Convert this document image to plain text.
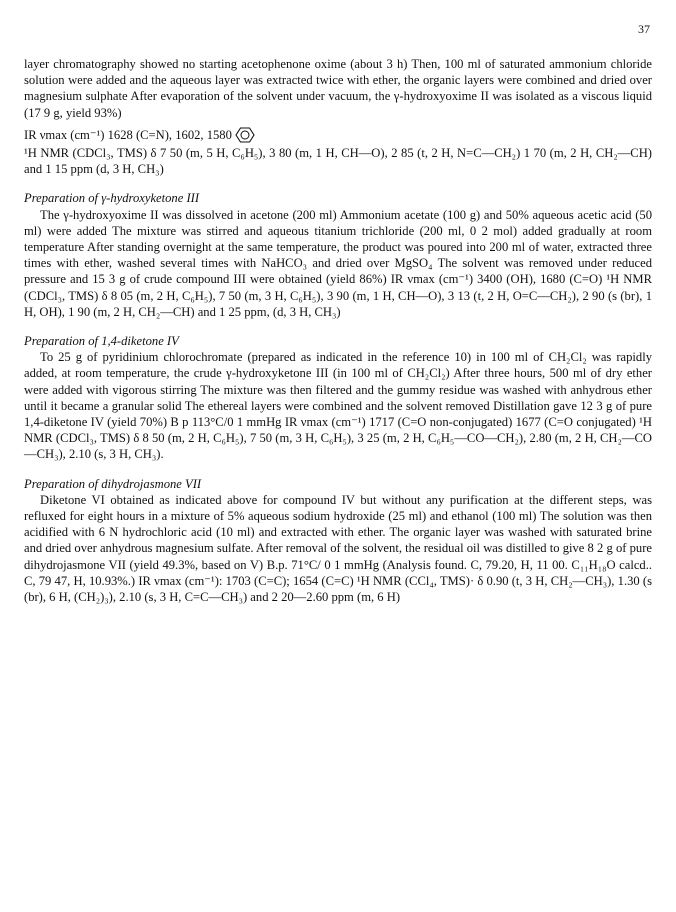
37

layer chromatography showed no starting acetophenone oxime (about 3 h) Then, 100 ml of saturated ammonium chloride solution were added and the aqueous layer was extracted twice with ether, the organic layers were combined and dried over magnesium sulphate After evaporation of the solvent under vacuum, the γ-hydroxyoxime II was isolated as a viscous liquid (17 9 g, yield 93%)

IR νmax (cm⁻¹) 1628 (C=N), 1602, 1580

¹H NMR (CDCl₃, TMS) δ 7 50 (m, 5 H, C₆H₅), 3 80 (m, 1 H, CH—O), 2 85 (t, 2 H, N=C—CH₂) 1 70 (m, 2 H, CH₂—CH) and 1 15 ppm (d, 3 H, CH₃)

Preparation of γ-hydroxyketone III

The γ-hydroxyoxime II was dissolved in acetone (200 ml) Ammonium acetate (100 g) and 50% aqueous acetic acid (50 ml) were added The mixture was stirred and aqueous titanium trichloride (200 ml, 0 2 mol) added gradually at room temperature After standing overnight at the same temperature, the product was poured into 200 ml of water, extracted three times with ether, washed several times with NaHCO₃ and dried over MgSO₄ The solvent was removed under reduced pressure and 15 3 g of crude compound III were obtained (yield 86%) IR νmax (cm⁻¹) 3400 (OH), 1680 (C=O) ¹H NMR (CDCl₃, TMS) δ 8 05 (m, 2 H, C₆H₅), 7 50 (m, 3 H, C₆H₅), 3 90 (m, 1 H, CH—O), 3 13 (t, 2 H, O=C—CH₂), 2 90 (s (br), 1 H, OH), 1 90 (m, 2 H, CH₂—CH) and 1 25 ppm, (d, 3 H, CH₃)

Preparation of 1,4-diketone IV

To 25 g of pyridinium chlorochromate (prepared as indicated in the reference 10) in 100 ml of CH₂Cl₂ was rapidly added, at room temperature, the crude γ-hydroxyketone III (in 100 ml of CH₂Cl₂) After three hours, 500 ml of dry ether were added with vigorous stirring The mixture was then filtered and the gummy residue was washed with anhydrous ether until it became a granular solid The ethereal layers were combined and the solvent removed Distillation gave 12 3 g of pure 1,4-diketone IV (yield 70%) B p 113°C/0 1 mmHg IR νmax (cm⁻¹) 1717 (C=O non-conjugated) 1677 (C=O conjugated) ¹H NMR (CDCl₃, TMS) δ 8 50 (m, 2 H, C₆H₅), 7 50 (m, 3 H, C₆H₅), 3 25 (m, 2 H, C₆H₅—CO—CH₂), 2.80 (m, 2 H, CH₂—CO—CH₃), 2.10 (s, 3 H, CH₃).

Preparation of dihydrojasmone VII

Diketone VI obtained as indicated above for compound IV but without any purification at the different steps, was refluxed for eight hours in a mixture of 5% aqueous sodium hydroxide (25 ml) and ethanol (100 ml) The solution was then acidified with 6 N hydrochloric acid (10 ml) and extracted with ether. The organic layer was washed with saturated brine and dried over anhydrous magnesium sulfate. After removal of the solvent, the residual oil was distilled to give 8 2 g of pure dihydrojasmone VII (yield 49.3%, based on V) B.p. 71°C/ 0 1 mmHg (Analysis found. C, 79.20, H, 11 00. C₁₁H₁₈O calcd.. C, 79 47, H, 10.93%.) IR νmax (cm⁻¹): 1703 (C=C); 1654 (C=C) ¹H NMR (CCl₄, TMS)· δ 0.90 (t, 3 H, CH₂—CH₃), 1.30 (s (br), 6 H, (CH₂)₃), 2.10 (s, 3 H, C=C—CH₃) and 2 20—2.60 ppm (m, 6 H)
